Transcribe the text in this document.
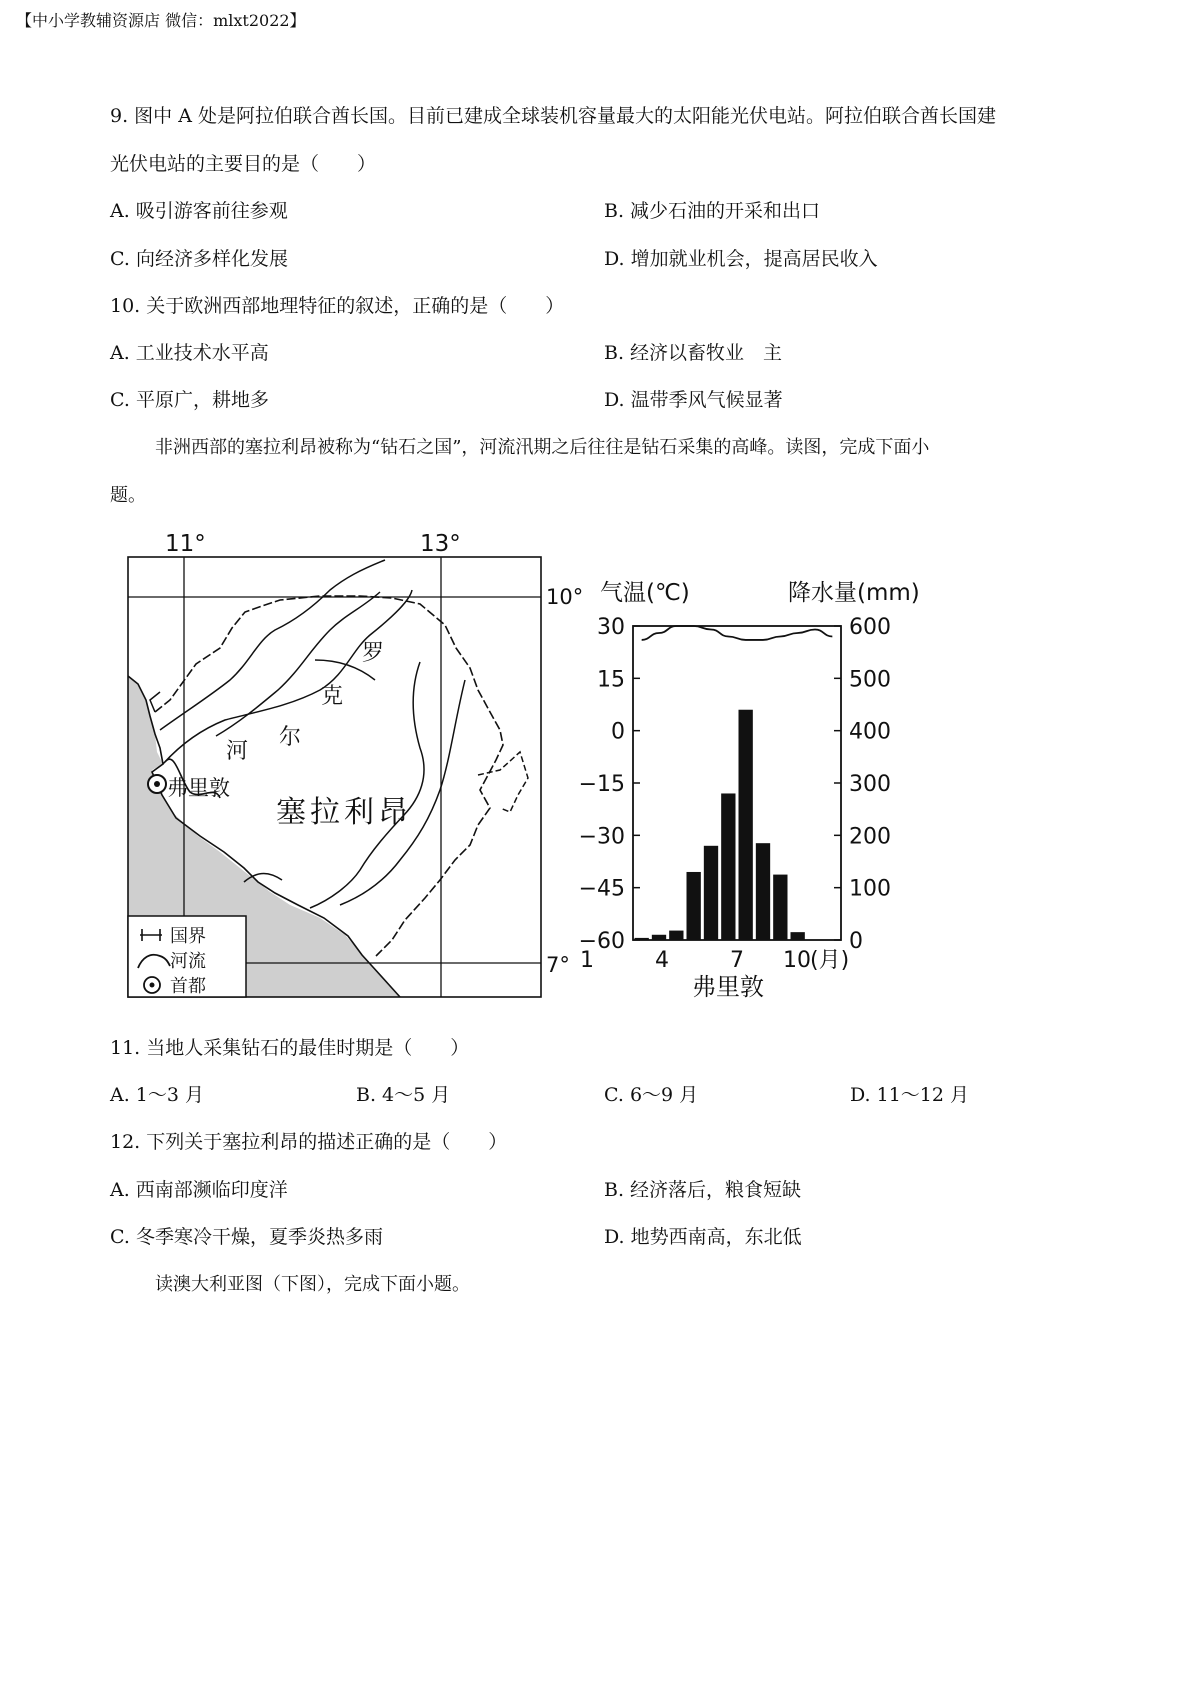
【中小学教辅资源店 微信：mlxt2022】
9. 图中 A 处是阿拉伯联合酋长国。目前已建成全球装机容量最大的太阳能光伏电站。阿拉伯联合酋长国建
光伏电站的主要目的是（　　）
A. 吸引游客前往参观	B. 减少石油的开采和出口
C. 向经济多样化发展	D. 增加就业机会，提高居民收入
10. 关于欧洲西部地理特征的叙述，正确的是（　　）
A. 工业技术水平高	B. 经济以畜牧业　主
C. 平原广，耕地多	D. 温带季风气候显著
非洲西部的塞拉利昂被称为“钻石之国”，河流汛期之后往往是钻石采集的高峰。读图，完成下面小
题。
11°	13°
10°
7°
罗
克
尔
河
弗里敦
塞拉利昂
国界
河流
首都
气温(℃)	降水量(mm)
30	600
15	500
0	400
−15	300
−30	200
−45	100
−60	0
1	4	7 10 (月)
弗里敦
11. 当地人采集钻石的最佳时期是（　　）
A. 1～3 月	B. 4～5 月	C. 6～9 月	D. 11～12 月
12. 下列关于塞拉利昂的描述正确的是（　　）
A. 西南部濒临印度洋	B. 经济落后，粮食短缺
C. 冬季寒冷干燥，夏季炎热多雨	D. 地势西南高，东北低
读澳大利亚图（下图），完成下面小题。
